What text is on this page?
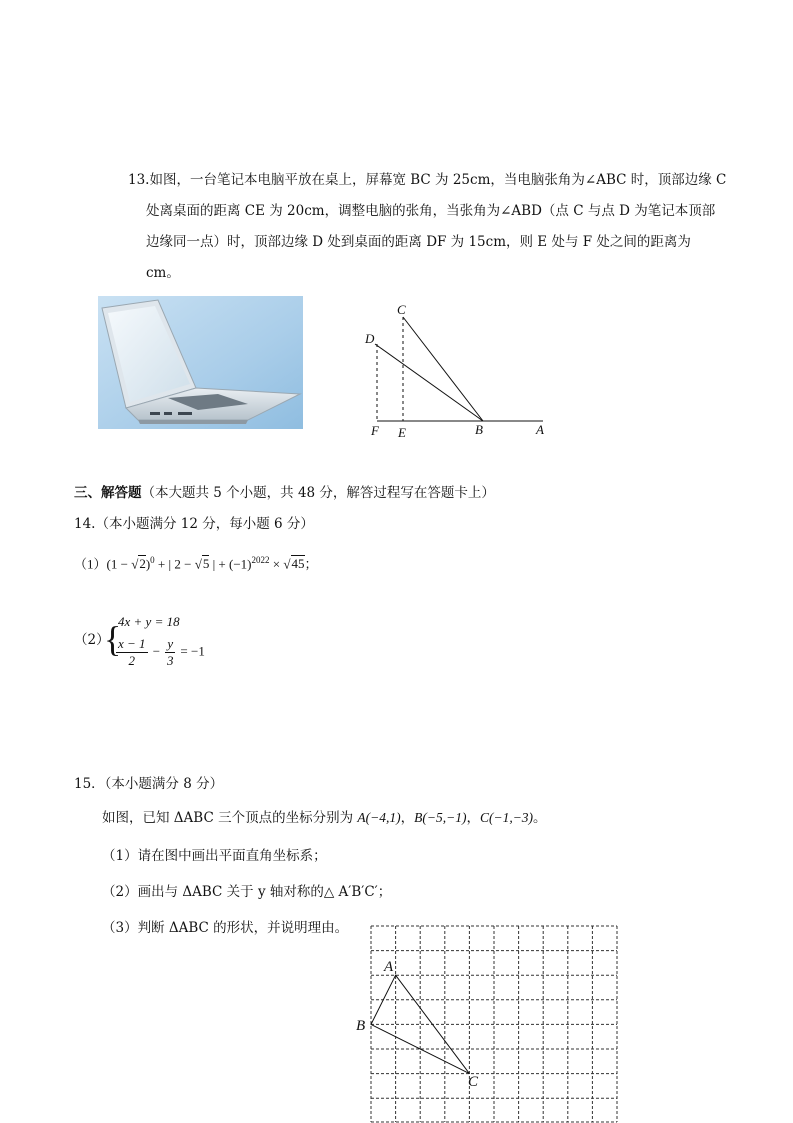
13.如图，一台笔记本电脑平放在桌上，屏幕宽 BC 为 25cm，当电脑张角为∠ABC 时，顶部边缘 C
处离桌面的距离 CE 为 20cm，调整电脑的张角，当张角为∠ABD（点 C 与点 D 为笔记本顶部
边缘同一点）时，顶部边缘 D 处到桌面的距离 DF 为 15cm，则 E 处与 F 处之间的距离为
cm。
C
D
F E	B	A
三、解答题（本大题共 5 个小题，共 48 分，解答过程写在答题卡上）
14.（本小题满分 12 分，每小题 6 分）
$(1)(1 - √2)^0$ + | 2 − √5 | + $(-1)^{2022} \times √45$；
（2）
{
4x + y = 18
$\frac{x - 1}{2} - \frac{y}{3} = -1$
15．（本小题满分 8 分）
如图，已知 ΔABC 三个顶点的坐标分别为 A(−4,1)，B(−5,−1)，C(−1,−3)。
（1）请在图中画出平面直角坐标系；
（2）画出与 ΔABC 关于 y 轴对称的△ A′B′C′；
（3）判断 ΔABC 的形状，并说明理由。
A
B
C
